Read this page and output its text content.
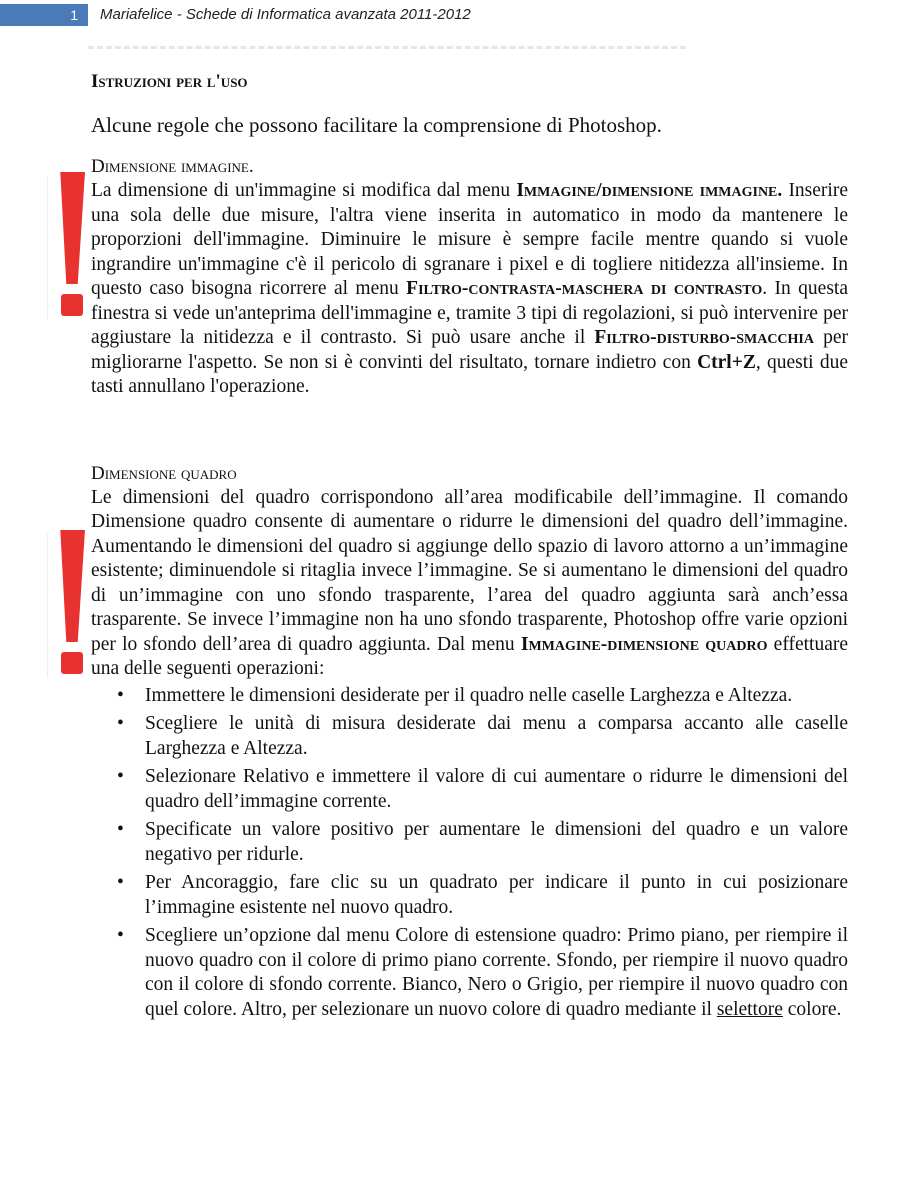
1	Mariafelice - Schede di Informatica avanzata 2011-2012

Istruzioni per l'uso

Alcune regole che possono facilitare la comprensione di Photoshop.

Dimensione immagine.

La dimensione di un'immagine si modifica dal menu Immagine/dimensione immagine. Inserire una sola delle due misure, l'altra viene inserita in automatico in modo da mantenere le proporzioni dell'immagine. Diminuire le misure è sempre facile mentre quando si vuole ingrandire un'immagine c'è il pericolo di sgranare i pixel e di togliere nitidezza all'insieme. In questo caso bisogna ricorrere al menu Filtro-contrasta-maschera di contrasto. In questa finestra si vede un'anteprima dell'immagine e, tramite 3 tipi di regolazioni, si può intervenire per aggiustare la nitidezza e il contrasto. Si può usare anche il Filtro-disturbo-smacchia per migliorarne l'aspetto. Se non si è convinti del risultato, tornare indietro con Ctrl+Z, questi due tasti annullano l'operazione.

Dimensione quadro

Le dimensioni del quadro corrispondono all’area modificabile dell’immagine. Il comando Dimensione quadro consente di aumentare o ridurre le dimensioni del quadro dell’immagine. Aumentando le dimensioni del quadro si aggiunge dello spazio di lavoro attorno a un’immagine esistente; diminuendole si ritaglia invece l’immagine. Se si aumentano le dimensioni del quadro di un’immagine con uno sfondo trasparente, l’area del quadro aggiunta sarà anch’essa trasparente. Se invece l’immagine non ha uno sfondo trasparente, Photoshop offre varie opzioni per lo sfondo dell’area di quadro aggiunta. Dal menu Immagine-dimensione quadro effettuare una delle seguenti operazioni:

• Immettere le dimensioni desiderate per il quadro nelle caselle Larghezza e Altezza.
• Scegliere le unità di misura desiderate dai menu a comparsa accanto alle caselle Larghezza e Altezza.
• Selezionare Relativo e immettere il valore di cui aumentare o ridurre le dimensioni del quadro dell’immagine corrente.
• Specificate un valore positivo per aumentare le dimensioni del quadro e un valore negativo per ridurle.
• Per Ancoraggio, fare clic su un quadrato per indicare il punto in cui posizionare l’immagine esistente nel nuovo quadro.
• Scegliere un’opzione dal menu Colore di estensione quadro: Primo piano, per riempire il nuovo quadro con il colore di primo piano corrente. Sfondo, per riempire il nuovo quadro con il colore di sfondo corrente. Bianco, Nero o Grigio, per riempire il nuovo quadro con quel colore. Altro, per selezionare un nuovo colore di quadro mediante il selettore colore.
